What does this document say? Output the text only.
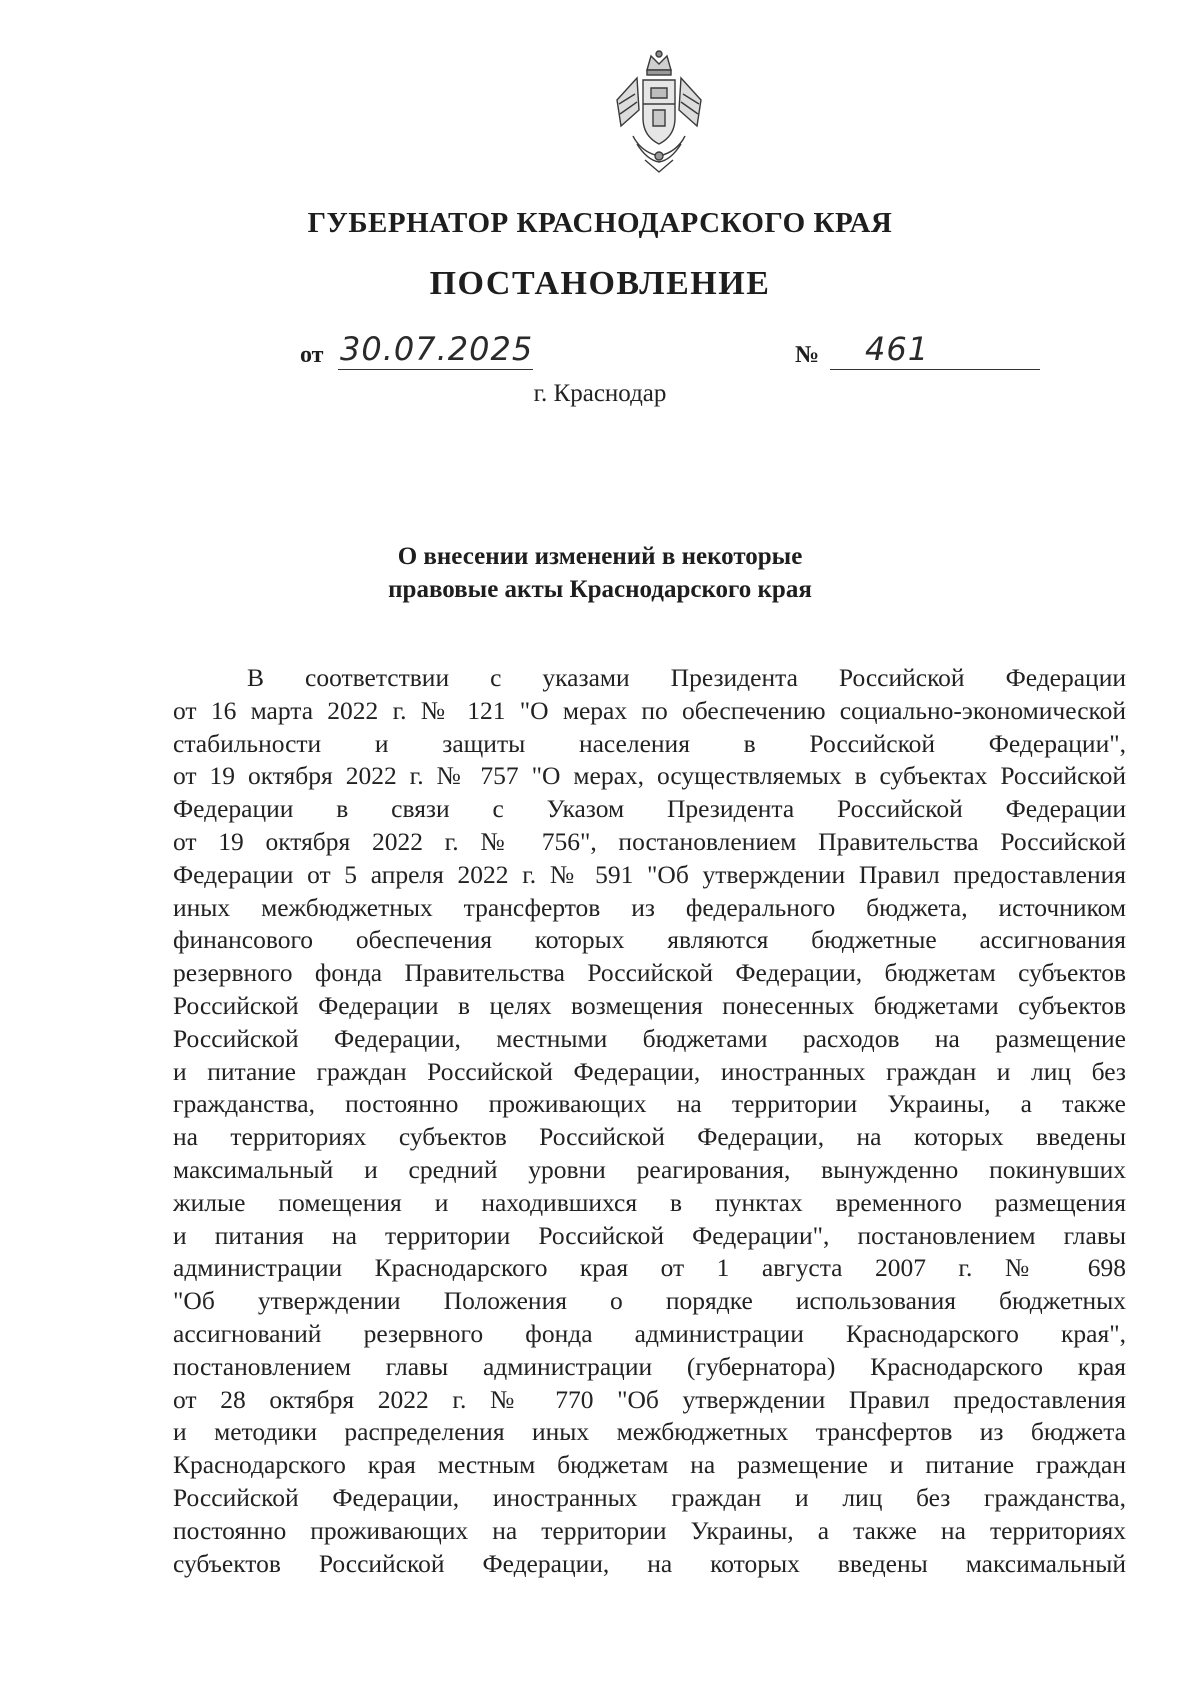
ГУБЕРНАТОР КРАСНОДАРСКОГО КРАЯ
ПОСТАНОВЛЕНИЕ
от 30.07.2025	№ 461
г. Краснодар
О внесении изменений в некоторые
правовые акты Краснодарского края
В соответствии с указами Президента Российской Федерации
от 16 марта 2022 г. № 121 "О мерах по обеспечению социально-экономической
стабильности и защиты населения в Российской Федерации",
от 19 октября 2022 г. № 757 "О мерах, осуществляемых в субъектах Российской
Федерации в связи с Указом Президента Российской Федерации
от 19 октября 2022 г. № 756", постановлением Правительства Российской
Федерации от 5 апреля 2022 г. № 591 "Об утверждении Правил предоставления
иных межбюджетных трансфертов из федерального бюджета, источником
финансового обеспечения которых являются бюджетные ассигнования
резервного фонда Правительства Российской Федерации, бюджетам субъектов
Российской Федерации в целях возмещения понесенных бюджетами субъектов
Российской Федерации, местными бюджетами расходов на размещение
и питание граждан Российской Федерации, иностранных граждан и лиц без
гражданства, постоянно проживающих на территории Украины, а также
на территориях субъектов Российской Федерации, на которых введены
максимальный и средний уровни реагирования, вынужденно покинувших
жилые помещения и находившихся в пунктах временного размещения
и питания на территории Российской Федерации", постановлением главы
администрации Краснодарского края от 1 августа 2007 г. № 698
"Об утверждении Положения о порядке использования бюджетных
ассигнований резервного фонда администрации Краснодарского края",
постановлением главы администрации (губернатора) Краснодарского края
от 28 октября 2022 г. № 770 "Об утверждении Правил предоставления
и методики распределения иных межбюджетных трансфертов из бюджета
Краснодарского края местным бюджетам на размещение и питание граждан
Российской Федерации, иностранных граждан и лиц без гражданства,
постоянно проживающих на территории Украины, а также на территориях
субъектов Российской Федерации, на которых введены максимальный
